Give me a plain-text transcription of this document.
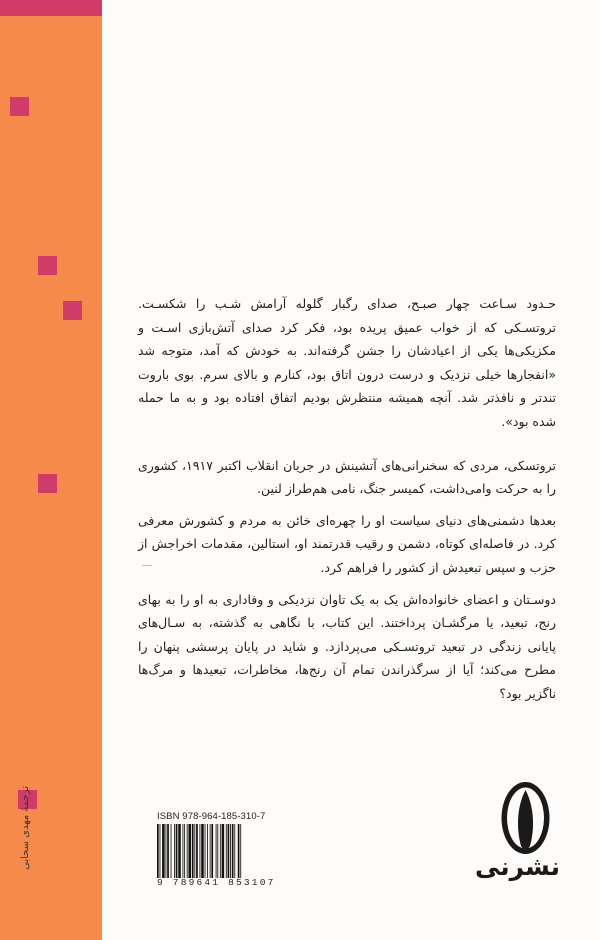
ترجمهٔ مهدی سحابی

حـدود سـاعت چهار صبـح، صدای رگبار گلوله آرامش شـب را شکسـت. تروتسـکی که از خواب عمیق پریده بود، فکر کرد صدای آتش‌بازی اسـت و مکزیکی‌ها یکی از اعیادشان را جشن گرفته‌اند. به خودش که آمد، متوجه شد «انفجارها خیلی نزدیک و درست درون اتاق بود، کنارم و بالای سرم. بوی باروت تندتر و نافذتر شد. آنچه همیشه منتظرش بودیم اتفاق افتاده بود و به ما حمله شده بود».

تروتسکی، مردی که سخنرانی‌های آتشینش در جریان انقلاب اکتبر ۱۹۱۷، کشوری را به حرکت وامی‌داشت، کمیسر جنگ، نامی هم‌طراز لنین.

بعدها دشمنی‌های دنیای سیاست او را چهره‌ای خائن به مردم و کشورش معرفی کرد. در فاصله‌ای کوتاه، دشمن و رقیب قدرتمند او، استالین، مقدمات اخراجش از حزب و سپس تبعیدش از کشور را فراهم کرد.

دوسـتان و اعضای خانواده‌اش یک به یک تاوان نزدیکی و وفاداری به او را به بهای رنج، تبعید، یا مرگشـان پرداختند. این کتاب، با نگاهی به گذشته، به سـال‌های پایانی زندگی در تبعید تروتسـکی می‌پردازد. و شاید در پایان پرسشی پنهان را مطرح می‌کند؛ آیا از سرگذراندن تمام آن رنج‌ها، مخاطرات، تبعیدها و مرگ‌ها ناگزیر بود؟

ISBN 978-964-185-310-7
9 789641 853107
نشرنی
